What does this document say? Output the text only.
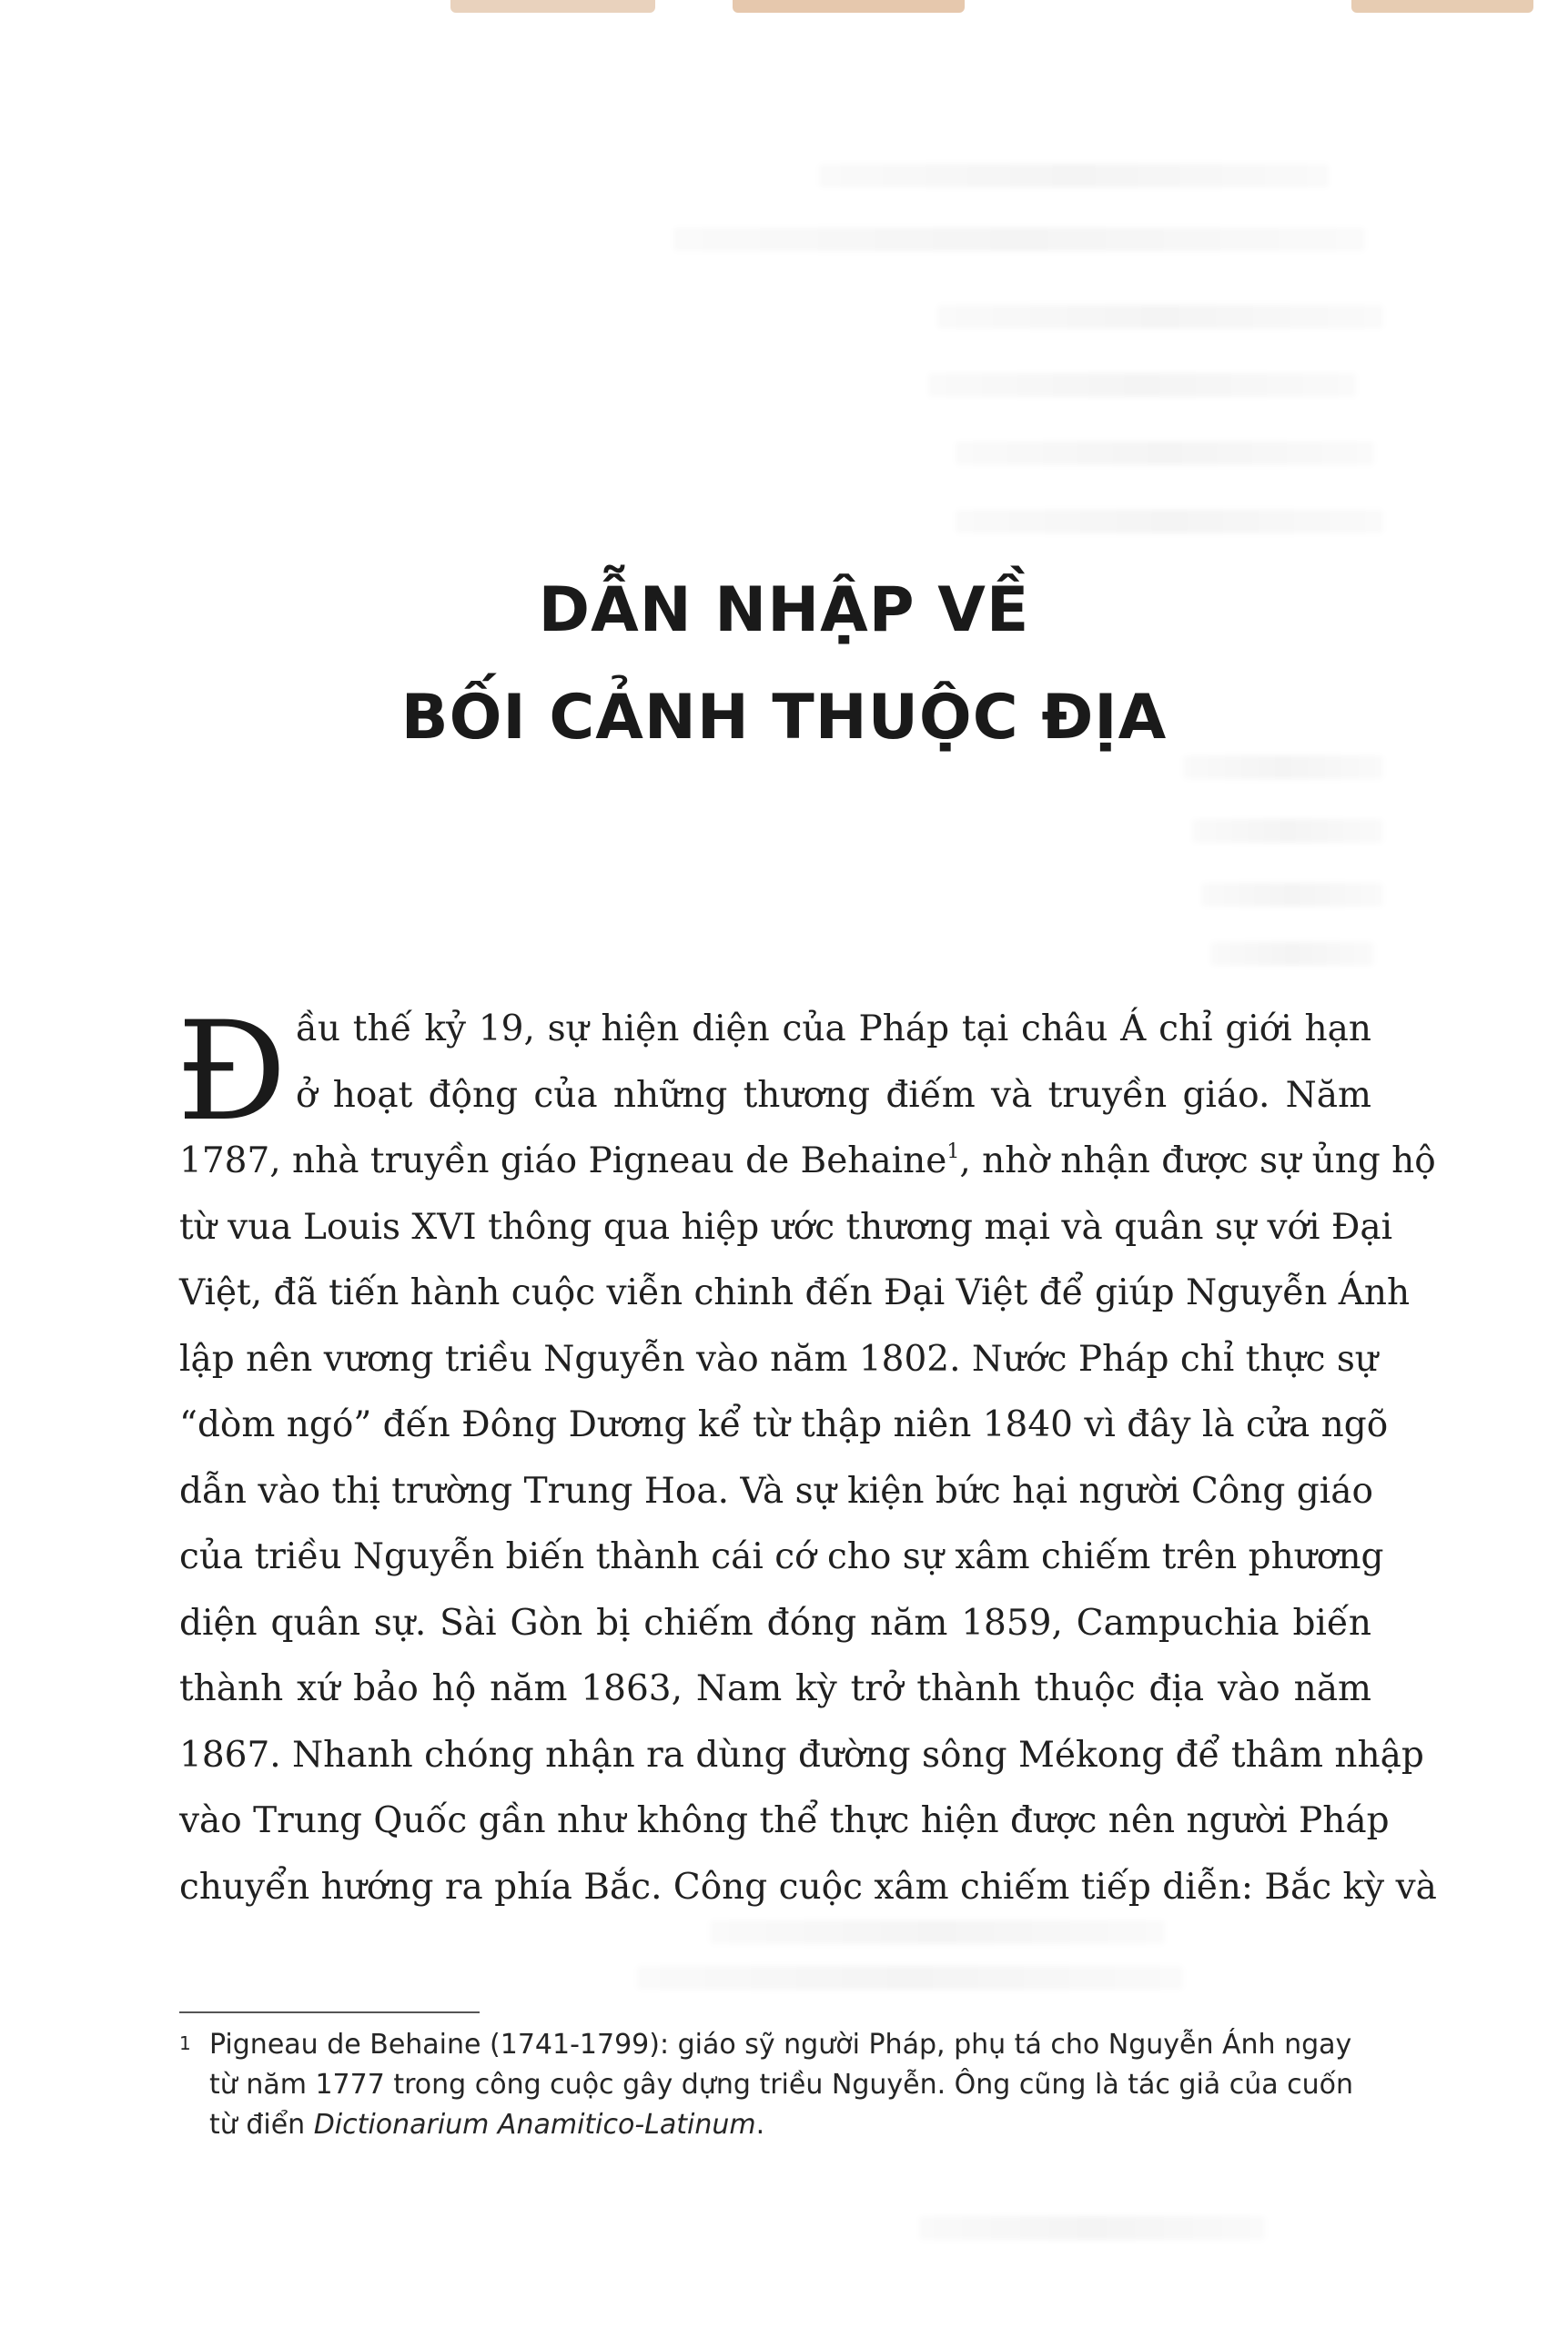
DẪN NHẬP VỀ
BỐI CẢNH THUỘC ĐỊA
Đ ầu thế kỷ 19, sự hiện diện của Pháp tại châu Á chỉ giới hạn
ở hoạt động của những thương điếm và truyền giáo. Năm
1787, nhà truyền giáo Pigneau de Behaine$^1$, nhờ nhận được sự ủng hộ
từ vua Louis XVI thông qua hiệp ước thương mại và quân sự với Đại
Việt, đã tiến hành cuộc viễn chinh đến Đại Việt để giúp Nguyễn Ánh
lập nên vương triều Nguyễn vào năm 1802. Nước Pháp chỉ thực sự
“dòm ngó” đến Đông Dương kể từ thập niên 1840 vì đây là cửa ngõ
dẫn vào thị trường Trung Hoa. Và sự kiện bức hại người Công giáo
của triều Nguyễn biến thành cái cớ cho sự xâm chiếm trên phương
diện quân sự. Sài Gòn bị chiếm đóng năm 1859, Campuchia biến
thành xứ bảo hộ năm 1863, Nam kỳ trở thành thuộc địa vào năm
1867. Nhanh chóng nhận ra dùng đường sông Mékong để thâm nhập
vào Trung Quốc gần như không thể thực hiện được nên người Pháp
chuyển hướng ra phía Bắc. Công cuộc xâm chiếm tiếp diễn: Bắc kỳ và
1 Pigneau de Behaine (1741-1799): giáo sỹ người Pháp, phụ tá cho Nguyễn Ánh ngay
từ năm 1777 trong công cuộc gây dựng triều Nguyễn. Ông cũng là tác giả của cuốn
từ điển Dictionarium Anamitico-Latinum.
